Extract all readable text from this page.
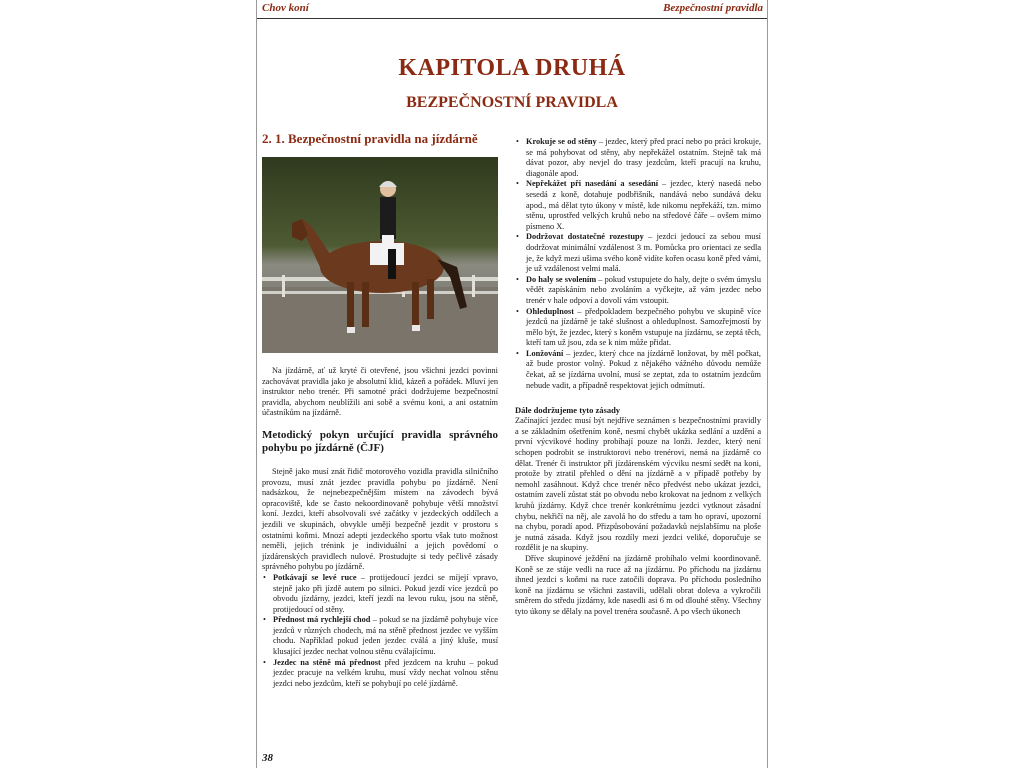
Chov koní	Bezpečnostní pravidla
KAPITOLA DRUHÁ
BEZPEČNOSTNÍ PRAVIDLA
2. 1. Bezpečnostní pravidla na jízdárně

Na jízdárně, ať už kryté či otevřené, jsou všichni jezdci povinni zachovávat pravidla jako je absolutní klid, kázeň a pořádek. Mluví jen instruktor nebo trenér. Při samotné práci dodržujeme bezpečnostní pravidla, abychom neublížili ani sobě a svému koni, a ani ostatním účastníkům na jízdárně.

Metodický pokyn určující pravidla správného pohybu po jízdárně (ČJF)

Stejně jako musí znát řidič motorového vozidla pravidla silničního provozu, musí znát jezdec pravidla pohybu po jízdárně. Není nadsázkou, že nejnebezpečnějším místem na závodech bývá opracoviště, kde se často nekoordinovaně pohybuje větší množství koní. Jezdci, kteří absolvovali své začátky v jezdeckých oddílech a jezdili ve skupinách, obvykle umějí bezpečně jezdit v prostoru s ostatními koňmi. Mnozí adepti jezdeckého sportu však tuto možnost neměli, jejich trénink je individuální a jejich povědomí o jízdárenských pravidlech nulové. Prostudujte si tedy pečlivě zásady správného pohybu po jízdárně.

• Potkávají se levé ruce – protijedoucí jezdci se míjejí vpravo, stejně jako při jízdě autem po silnici. Pokud jezdí více jezdců po obvodu jízdárny, jezdci, kteří jezdí na levou ruku, jsou na stěně, protijedoucí od stěny.
• Přednost má rychlejší chod – pokud se na jízdárně pohybuje více jezdců v různých chodech, má na stěně přednost jezdec ve vyšším chodu. Například pokud jeden jezdec cválá a jiný kluše, musí klusající jezdec nechat volnou stěnu cválajícímu.
• Jezdec na stěně má přednost před jezdcem na kruhu – pokud jezdec pracuje na velkém kruhu, musí vždy nechat volnou stěnu jezdci nebo jezdcům, kteří se pohybují po celé jízdárně.
• Krokuje se od stěny – jezdec, který před prací nebo po práci krokuje, se má pohybovat od stěny, aby nepřekážel ostatním. Stejně tak má dávat pozor, aby nevjel do trasy jezdcům, kteří pracují na kruhu, diagonále apod.
• Nepřekážet při nasedání a sesedání – jezdec, který nasedá nebo sesedá z koně, dotahuje podbřišník, nandává nebo sundává deku apod., má dělat tyto úkony v místě, kde nikomu nepřekáží, tzn. mimo stěnu, uprostřed velkých kruhů nebo na středové čáře – ovšem mimo písmeno X.
• Dodržovat dostatečné rozestupy – jezdci jedoucí za sebou musí dodržovat minimální vzdálenost 3 m. Pomůcka pro orientaci ze sedla je, že když mezi ušima svého koně vidíte kořen ocasu koně před vámi, je už vzdálenost velmi malá.
• Do haly se svolením – pokud vstupujete do haly, dejte o svém úmyslu vědět zapískáním nebo zvoláním a vyčkejte, až vám jezdec nebo trenér v hale odpoví a dovolí vám vstoupit.
• Ohleduplnost – předpokladem bezpečného pohybu ve skupině více jezdců na jízdárně je také slušnost a ohleduplnost. Samozřejmostí by mělo být, že jezdec, který s koněm vstupuje na jízdárnu, se zeptá těch, kteří tam už jsou, zda se k nim může přidat.
• Lonžování – jezdec, který chce na jízdárně lonžovat, by měl počkat, až bude prostor volný. Pokud z nějakého vážného důvodu nemůže čekat, až se jízdárna uvolní, musí se zeptat, zda to ostatním jezdcům nebude vadit, a případně respektovat jejich odmítnutí.
Dále dodržujeme tyto zásady

Začínající jezdec musí být nejdříve seznámen s bezpečnostními pravidly a se základním ošetřením koně, nesmí chybět ukázka sedlání a uzdění a první výcvikové hodiny probíhají pouze na lonži. Jezdec, který není schopen podrobit se instruktorovi nebo trenérovi, nemá na jízdárně co dělat. Trenér či instruktor při jízdárenském výcviku nesmí sedět na koni, protože by ztratil přehled o dění na jízdárně a v případě potřeby by nemohl zasáhnout. Když chce trenér něco předvést nebo ukázat jezdci, ostatním zavelí zůstat stát po obvodu nebo krokovat na jednom z velkých kruhů jízdárny. Když chce trenér konkrétnímu jezdci vytknout zásadní chybu, nekřičí na něj, ale zavolá ho do středu a tam ho opraví, upozorní na chybu, poradí apod. Přizpůsobování požadavků nejslabšímu na ploše je nutná zásada. Když jsou rozdíly mezi jezdci veliké, doporučuje se rozdělit je na skupiny.

Dříve skupinové ježdění na jízdárně probíhalo velmi koordinovaně. Koně se ze stáje vedli na ruce až na jízdárnu. Po příchodu na jízdárnu ihned jezdci s koňmi na ruce zatočili doprava. Po příchodu posledního koně na jízdárnu se všichni zastavili, udělali obrat doleva a vykročili směrem do středu jízdárny, kde nasedli asi 6 m od dlouhé stěny. Všechny tyto úkony se dělaly na povel trenéra současně. A po všech úkonech

38
